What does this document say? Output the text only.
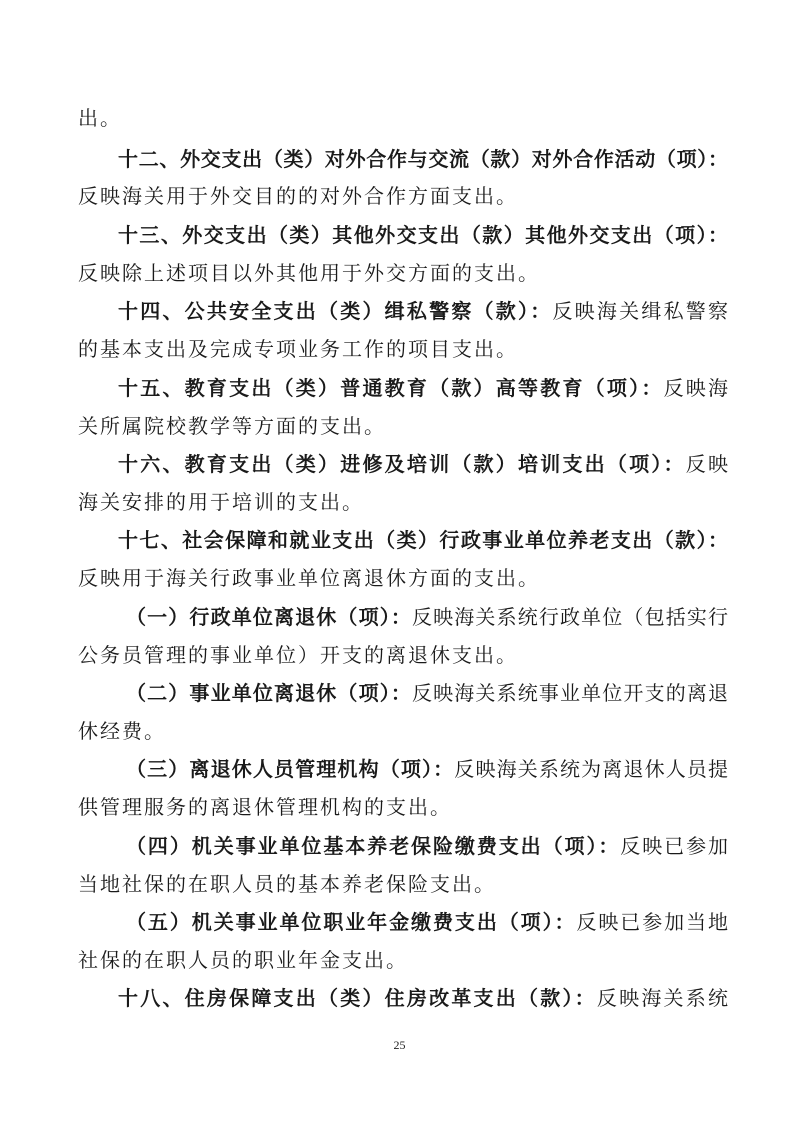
出。
十二、外交支出（类）对外合作与交流（款）对外合作活动（项）：
反映海关用于外交目的的对外合作方面支出。
十三、外交支出（类）其他外交支出（款）其他外交支出（项）：
反映除上述项目以外其他用于外交方面的支出。
十四、公共安全支出（类）缉私警察（款）：反映海关缉私警察
的基本支出及完成专项业务工作的项目支出。
十五、教育支出（类）普通教育（款）高等教育（项）：反映海
关所属院校教学等方面的支出。
十六、教育支出（类）进修及培训（款）培训支出（项）：反映
海关安排的用于培训的支出。
十七、社会保障和就业支出（类）行政事业单位养老支出（款）：
反映用于海关行政事业单位离退休方面的支出。
（一）行政单位离退休（项）：反映海关系统行政单位（包括实行
公务员管理的事业单位）开支的离退休支出。
（二）事业单位离退休（项）：反映海关系统事业单位开支的离退
休经费。
（三）离退休人员管理机构（项）：反映海关系统为离退休人员提
供管理服务的离退休管理机构的支出。
（四）机关事业单位基本养老保险缴费支出（项）：反映已参加
当地社保的在职人员的基本养老保险支出。
（五）机关事业单位职业年金缴费支出（项）：反映已参加当地
社保的在职人员的职业年金支出。
十八、住房保障支出（类）住房改革支出（款）：反映海关系统
25
